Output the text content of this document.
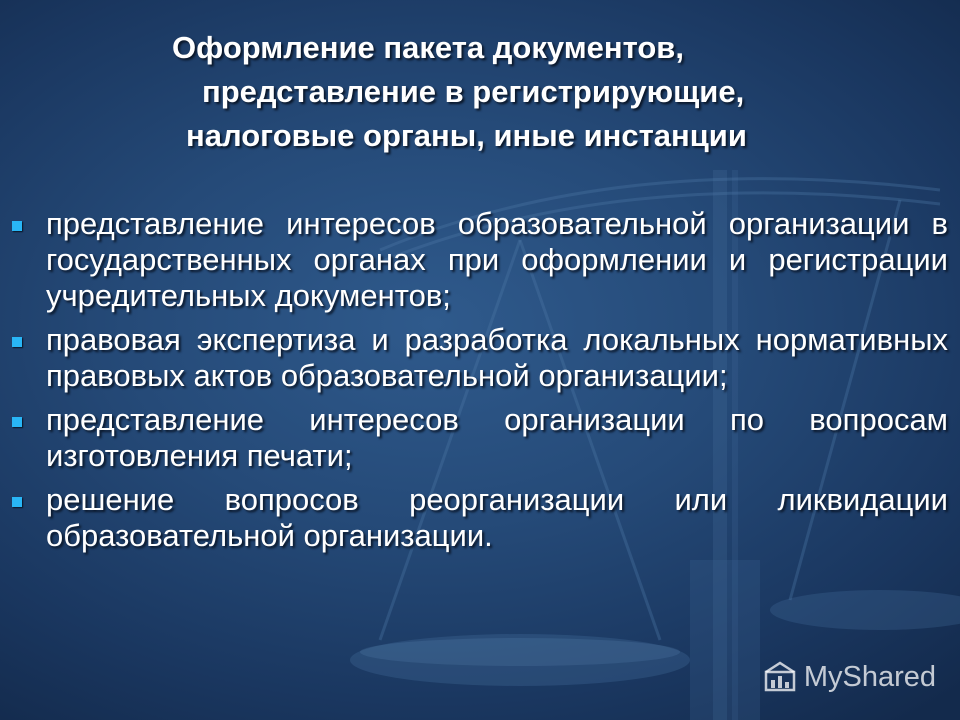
Оформление пакета документов,
представление в регистрирующие,
налоговые органы, иные инстанции
представление интересов образовательной организации в государственных органах при оформлении и регистрации учредительных документов;
правовая экспертиза и разработка локальных нормативных правовых актов образовательной организации;
представление интересов организации по вопросам изготовления печати;
решение вопросов реорганизации или ликвидации образовательной организации.
MyShared
